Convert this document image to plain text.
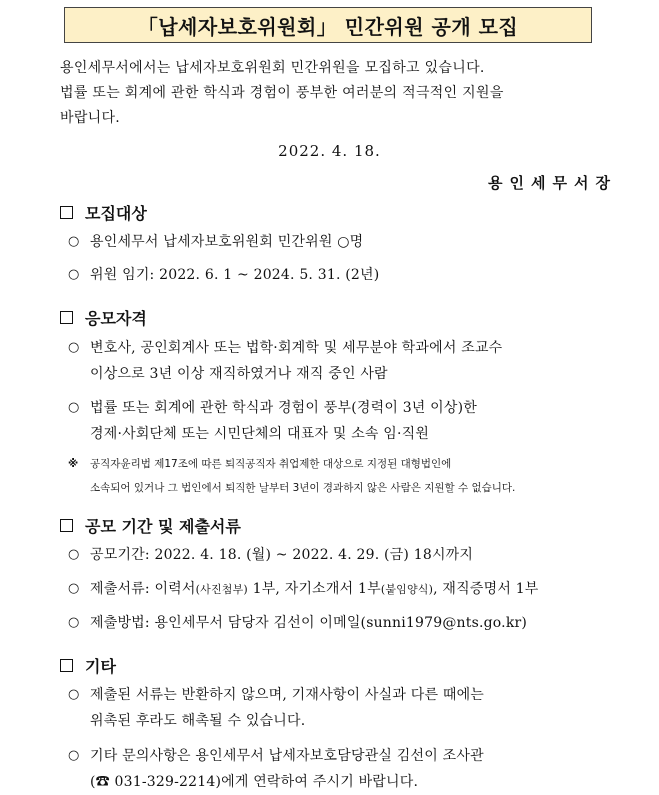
「납세자보호위원회」 민간위원 공개 모집
용인세무서에서는 납세자보호위원회 민간위원을 모집하고 있습니다.
법률 또는 회계에 관한 학식과 경험이 풍부한 여러분의 적극적인 지원을
바랍니다.
2022. 4. 18.
용인세무서장
모집대상
○ 용인세무서 납세자보호위원회 민간위원 ○명
○ 위원 임기: 2022. 6. 1 ~ 2024. 5. 31. (2년)
응모자격
○ 변호사, 공인회계사 또는 법학·회계학 및 세무분야 학과에서 조교수
이상으로 3년 이상 재직하였거나 재직 중인 사람
○ 법률 또는 회계에 관한 학식과 경험이 풍부(경력이 3년 이상)한
경제·사회단체 또는 시민단체의 대표자 및 소속 임·직원
※	공직자윤리법 제17조에 따른 퇴직공직자 취업제한 대상으로 지정된 대형법인에
소속되어 있거나 그 법인에서 퇴직한 날부터 3년이 경과하지 않은 사람은 지원할 수 없습니다.
공모 기간 및 제출서류
○ 공모기간: 2022. 4. 18. (월) ~ 2022. 4. 29. (금) 18시까지
○ 제출서류: 이력서(사진첨부) 1부, 자기소개서 1부(붙임양식), 재직증명서 1부
○ 제출방법: 용인세무서 담당자 김선이 이메일(sunni1979@nts.go.kr)
기타
○ 제출된 서류는 반환하지 않으며, 기재사항이 사실과 다른 때에는
위촉된 후라도 해촉될 수 있습니다.
○ 기타 문의사항은 용인세무서 납세자보호담당관실 김선이 조사관
(☎ 031-329-2214)에게 연락하여 주시기 바랍니다.
